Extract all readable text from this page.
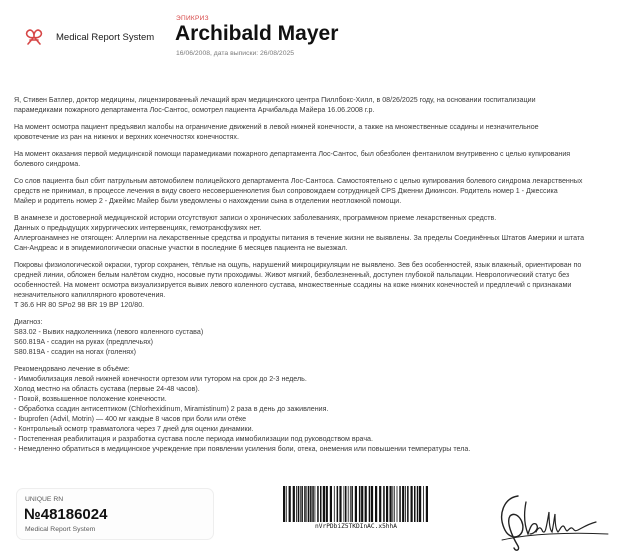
Medical Report System
ЭПИКРИЗ
Archibald Mayer
16/06/2008, дата выписки: 26/08/2025
Я, Стивен Батлер, доктор медицины, лицензированный лечащий врач медицинского центра Пиллбокс-Хилл, в 08/26/2025 году, на основании госпитализации
парамедиками пожарного департамента Лос-Сантос, осмотрел пациента Арчибальда Майера 16.06.2008 г.р.
На момент осмотра пациент предъявил жалобы на ограничение движений в левой нижней конечности, а также на множественные ссадины и незначительное
кровотечение из ран на нижних и верхних конечностях конечностях.
На момент оказания первой медицинской помощи парамедиками пожарного департамента Лос-Сантос, был обезболен фентанилом внутривенно с целью купирования
болевого синдрома.
Со слов пациента был сбит патрульным автомобилем полицейского департамента Лос-Сантоса. Самостоятельно с целью купирования болевого синдрома лекарственных
средств не принимал, в процессе лечения в виду своего несовершеннолетия был сопровождаем сотрудницей CPS Дженни Дикинсон. Родитель номер 1 - Джессика
Майер и родитель номер 2 - Джеймс Майер были уведомлены о нахождении сына в отделении неотложной помощи.
В анамнезе и достоверной медицинской истории отсутствуют записи о хронических заболеваниях, программном приеме лекарственных средств.
Данных о предыдущих хирургических интервенциях, гемотрансфузиях нет.
Аллергоанамнез не отягощен: Аллергии на лекарственные средства и продукты питания в течение жизни не выявлены. За пределы Соединённых Штатов Америки и штата
Сан-Андреас и в эпидемиологически опасные участки в последние 6 месяцев пациента не выезжал.
Покровы физиологической окраски, тургор сохранен, тёплые на ощупь, нарушений микроциркуляции не выявлено. Зев без особенностей, язык влажный, ориентирован по
средней линии, обложен белым налётом скудно, носовые пути проходимы. Живот мягкий, безболезненный, доступен глубокой пальпации. Неврологический статус без
особенностей. На момент осмотра визуализируется вывих левого коленного сустава, множественные ссадины на коже нижних конечностей и предплечий с признаками
незначительного капиллярного кровотечения.
Т 36.6 НR 80 SPo2 98 ВR 19 ВР 120/80.
Диагноз:
S83.02 - Вывих надколенника (левого коленного сустава)
S60.819A - ссадин на руках (предплечьях)
S80.819A - ссадин на ногах (голенях)
Рекомендовано лечение в объёме:
- Иммобилизация левой нижней конечности ортезом или тутором на срок до 2-3 недель.
Холод местно на область сустава (первые 24-48 часов).
- Покой, возвышенное положение конечности.
- Обработка ссадин антисептиком (Chlorhexidinum, Miramistinum) 2 раза в день до заживления.
- Ibuprofen (Advil, Motrin) — 400 мг каждые 8 часов при боли или отёке
- Контрольный осмотр травматолога через 7 дней для оценки динамики.
- Постепенная реабилитация и разработка сустава после периода иммобилизации под руководством врача.
- Немедленно обратиться в медицинское учреждение при появлении усиления боли, отека, онемения или повышении температуры тела.
UNIQUE RN
№48186024
Medical Report System	nVrPDbiZ5TKDInAC.x5hhA
